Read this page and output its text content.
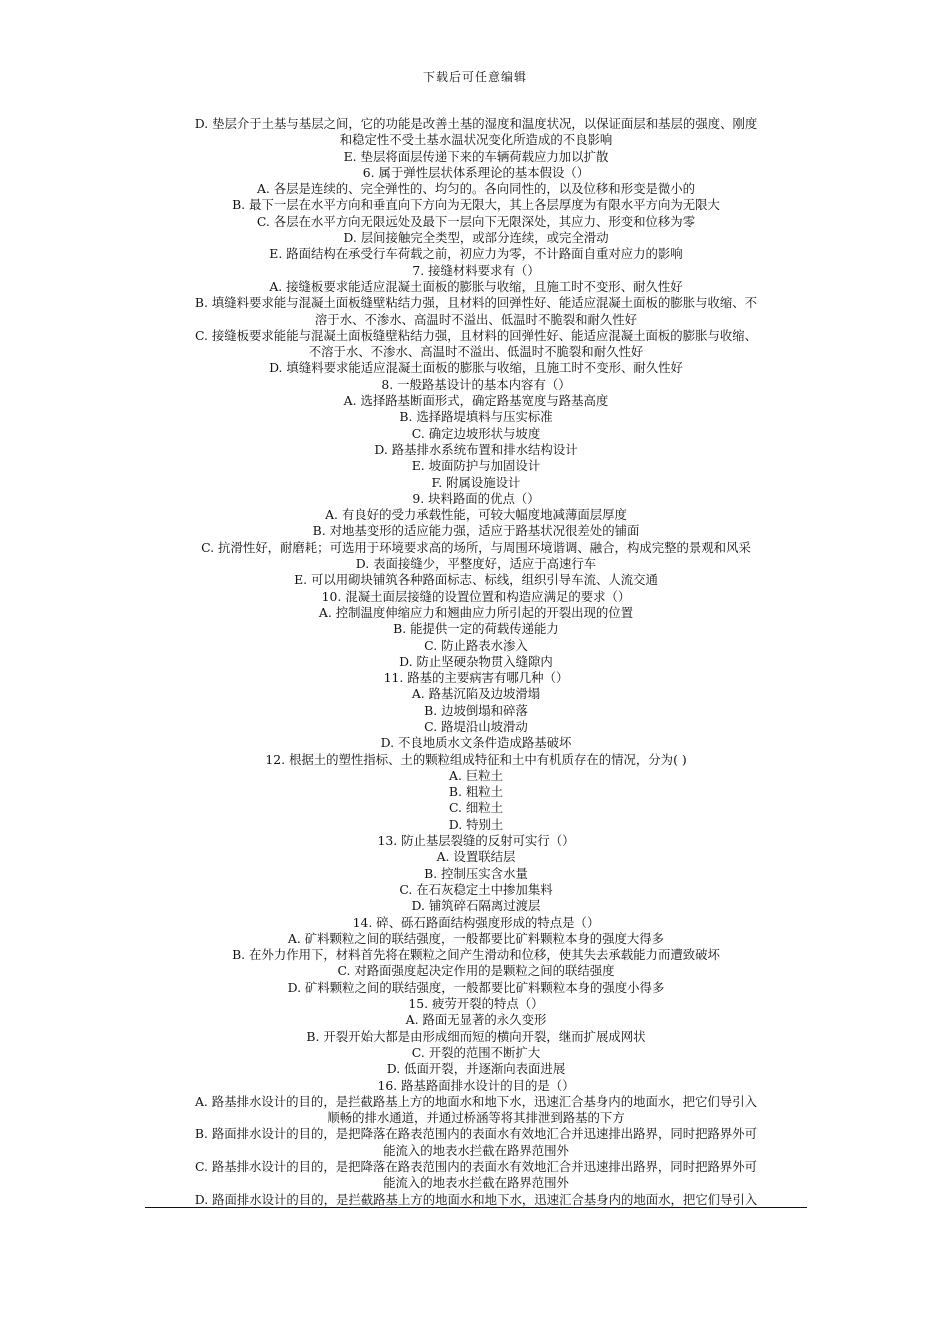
下载后可任意编辑
D. 垫层介于土基与基层之间，它的功能是改善土基的湿度和温度状况，以保证面层和基层的强度、刚度
和稳定性不受土基水温状况变化所造成的不良影响
E. 垫层将面层传递下来的车辆荷载应力加以扩散
6. 属于弹性层状体系理论的基本假设（）
A. 各层是连续的、完全弹性的、均匀的。各向同性的，以及位移和形变是微小的
B. 最下一层在水平方向和垂直向下方向为无限大，其上各层厚度为有限水平方向为无限大
C. 各层在水平方向无限远处及最下一层向下无限深处，其应力、形变和位移为零
D. 层间接触完全类型，或部分连续，或完全滑动
E. 路面结构在承受行车荷载之前，初应力为零，不计路面自重对应力的影响
7. 接缝材料要求有（）
A. 接缝板要求能适应混凝土面板的膨胀与收缩，且施工时不变形、耐久性好
B. 填缝料要求能与混凝土面板缝壁粘结力强，且材料的回弹性好、能适应混凝土面板的膨胀与收缩、不
溶于水、不渗水、高温时不溢出、低温时不脆裂和耐久性好
C. 接缝板要求能能与混凝土面板缝壁粘结力强，且材料的回弹性好、能适应混凝土面板的膨胀与收缩、
不溶于水、不渗水、高温时不溢出、低温时不脆裂和耐久性好
D. 填缝料要求能适应混凝土面板的膨胀与收缩，且施工时不变形、耐久性好
8. 一般路基设计的基本内容有（）
A. 选择路基断面形式，确定路基宽度与路基高度
B. 选择路堤填料与压实标准
C. 确定边坡形状与坡度
D. 路基排水系统布置和排水结构设计
E. 坡面防护与加固设计
F. 附属设施设计
9. 块料路面的优点（）
A. 有良好的受力承载性能，可较大幅度地减薄面层厚度
B. 对地基变形的适应能力强，适应于路基状况很差处的铺面
C. 抗滑性好，耐磨耗；可选用于环境要求高的场所，与周围环境谐调、融合，构成完整的景观和风采
D. 表面接缝少，平整度好，适应于高速行车
E. 可以用砌块铺筑各种路面标志、标线，组织引导车流、人流交通
10. 混凝土面层接缝的设置位置和构造应满足的要求（）
A. 控制温度伸缩应力和翘曲应力所引起的开裂出现的位置
B. 能提供一定的荷载传递能力
C. 防止路表水渗入
D. 防止坚硬杂物贯入缝隙内
11. 路基的主要病害有哪几种（）
A. 路基沉陷及边坡滑塌
B. 边坡倒塌和碎落
C. 路堤沿山坡滑动
D. 不良地质水文条件造成路基破坏
12. 根据土的塑性指标、土的颗粒组成特征和土中有机质存在的情况，分为( )
A. 巨粒土
B. 粗粒土
C. 细粒土
D. 特别土
13. 防止基层裂缝的反射可实行（）
A. 设置联结层
B. 控制压实含水量
C. 在石灰稳定土中掺加集料
D. 铺筑碎石隔离过渡层
14. 碎、砾石路面结构强度形成的特点是（）
A. 矿料颗粒之间的联结强度，一般都要比矿料颗粒本身的强度大得多
B. 在外力作用下，材料首先将在颗粒之间产生滑动和位移，使其失去承载能力而遭致破坏
C. 对路面强度起决定作用的是颗粒之间的联结强度
D. 矿料颗粒之间的联结强度，一般都要比矿料颗粒本身的强度小得多
15. 疲劳开裂的特点（）
A. 路面无显著的永久变形
B. 开裂开始大都是由形成细而短的横向开裂，继而扩展成网状
C. 开裂的范围不断扩大
D. 低面开裂，并逐渐向表面进展
16. 路基路面排水设计的目的是（）
A. 路基排水设计的目的，是拦截路基上方的地面水和地下水，迅速汇合基身内的地面水，把它们导引入
顺畅的排水通道，并通过桥涵等将其排泄到路基的下方
B. 路面排水设计的目的，是把降落在路表范围内的表面水有效地汇合并迅速排出路界，同时把路界外可
能流入的地表水拦截在路界范围外
C. 路基排水设计的目的，是把降落在路表范围内的表面水有效地汇合并迅速排出路界，同时把路界外可
能流入的地表水拦截在路界范围外
D. 路面排水设计的目的，是拦截路基上方的地面水和地下水，迅速汇合基身内的地面水，把它们导引入
